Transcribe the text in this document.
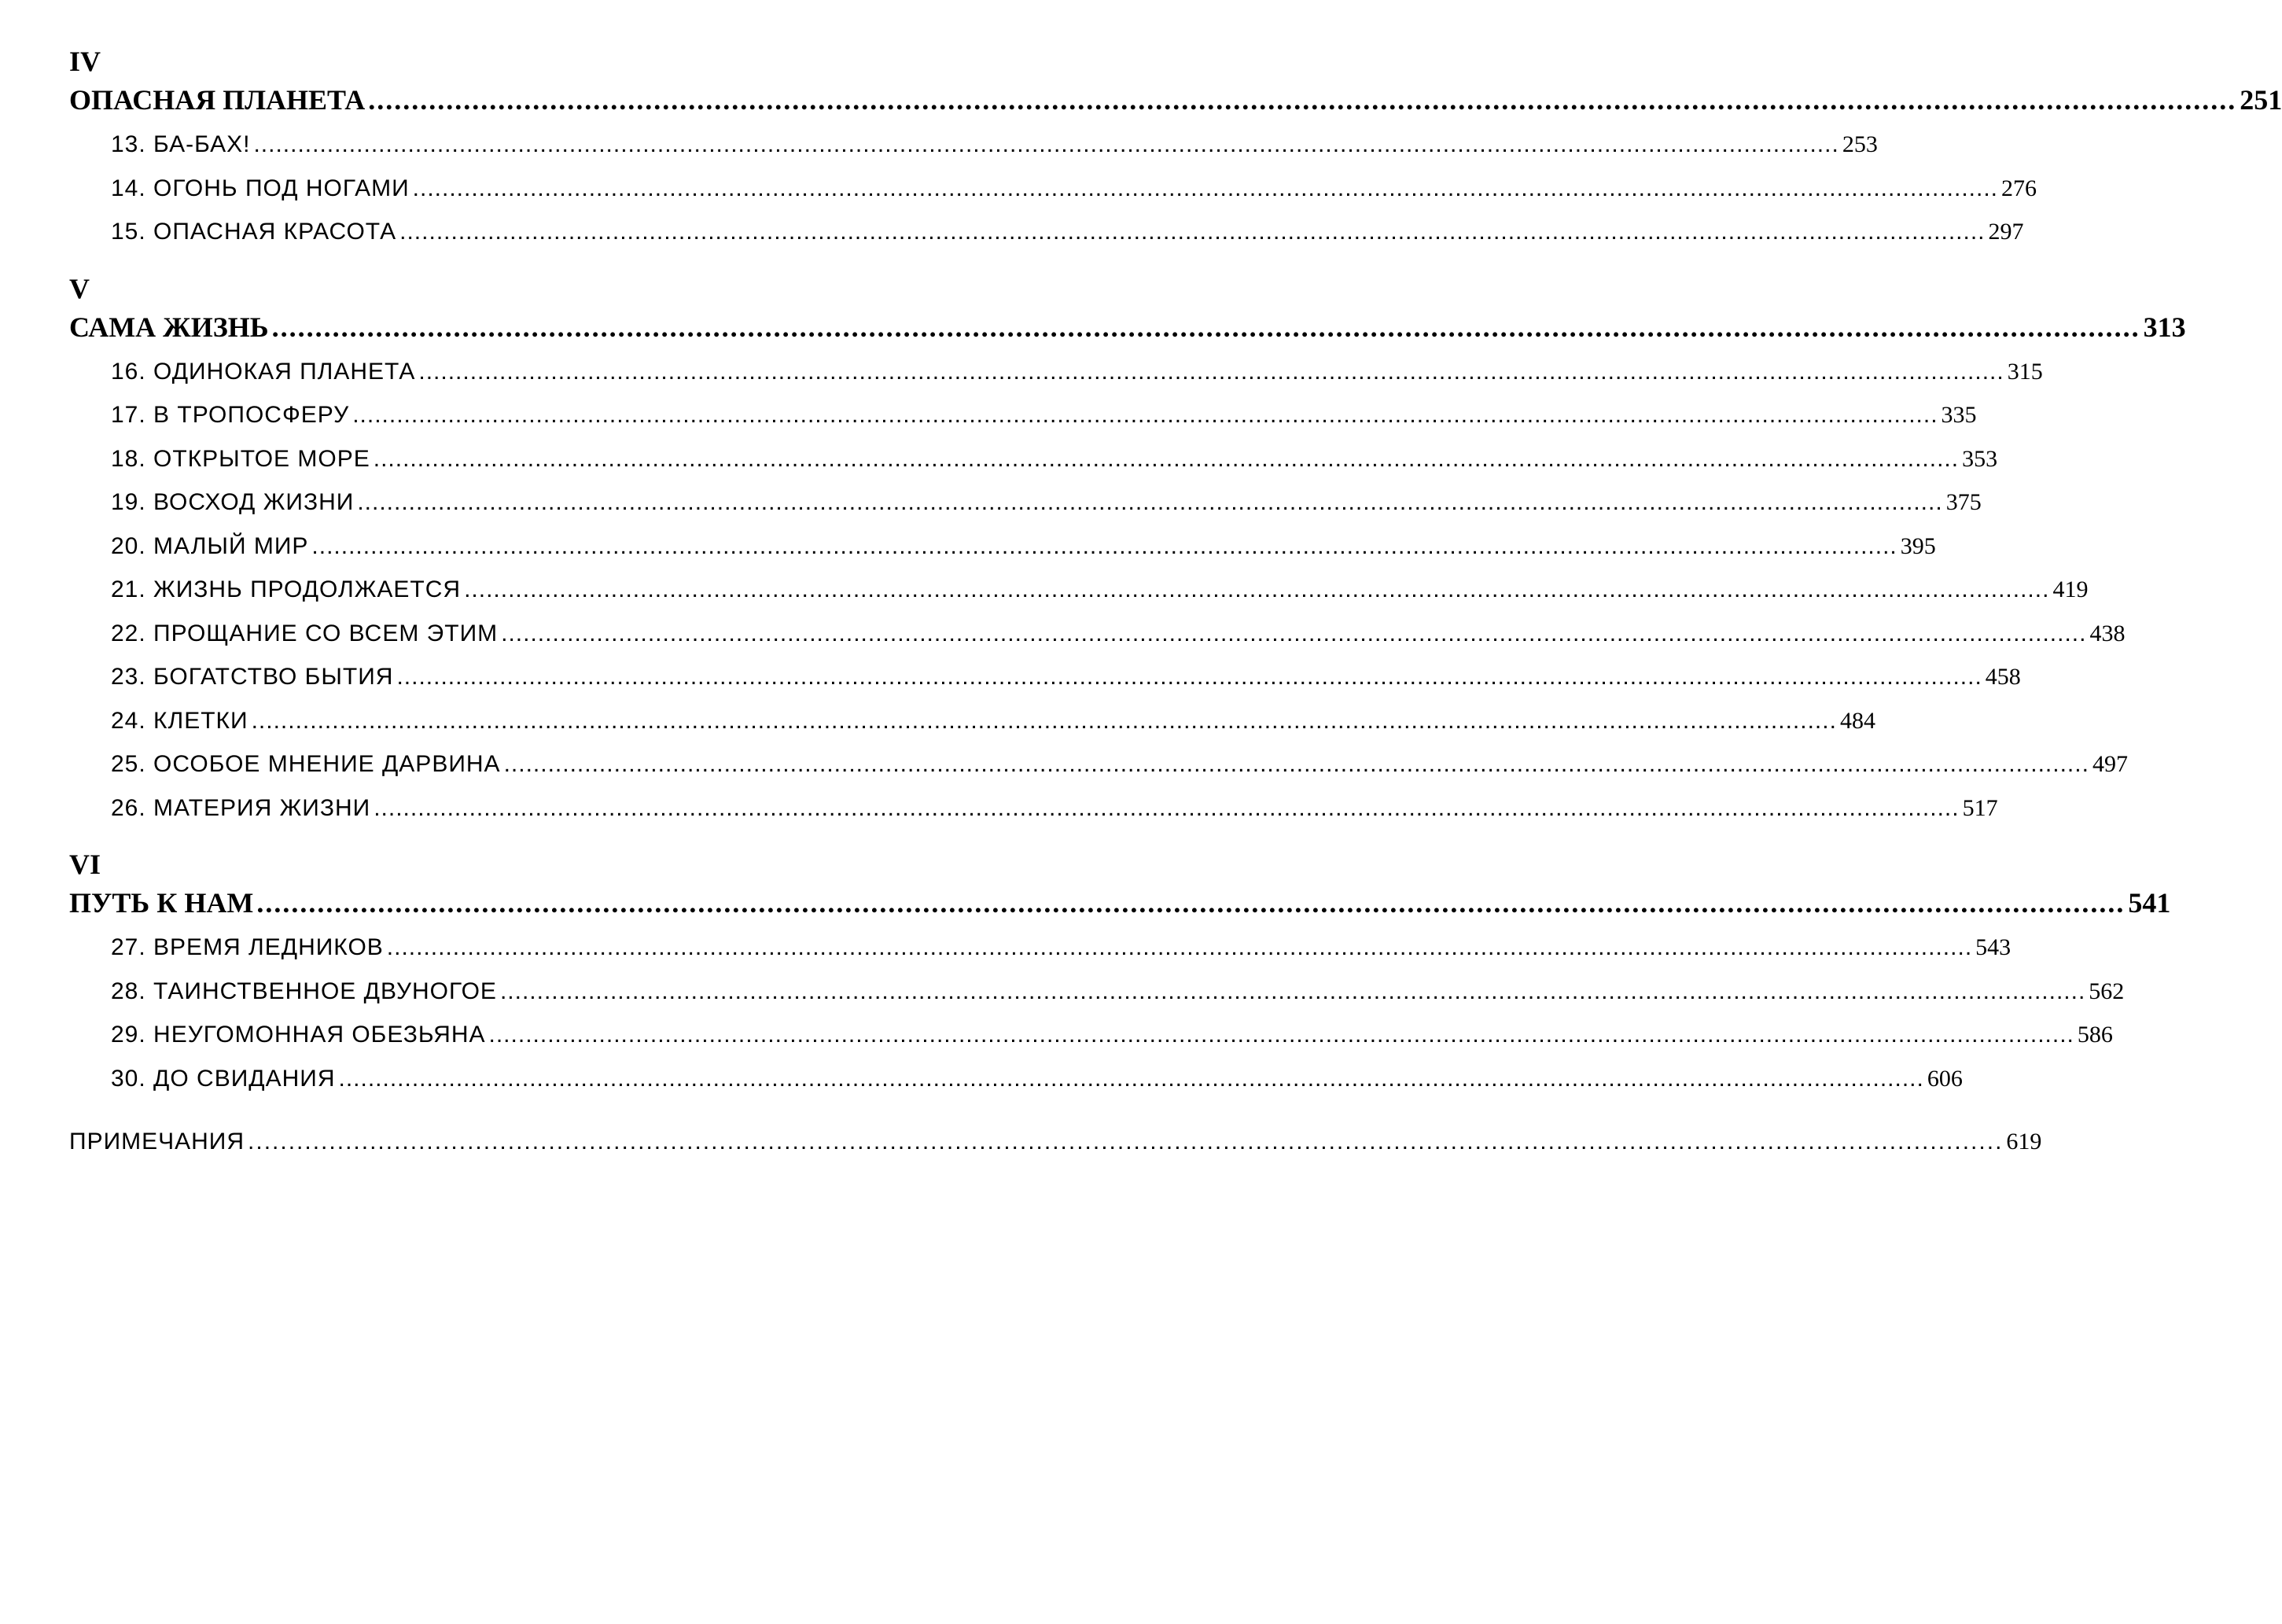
IV
ОПАСНАЯ ПЛАНЕТА ........................................................................................................................................................................................................................ 251
13. БА-БАХ! ........................................................................................................................................................................................................................ 253
14. ОГОНЬ ПОД НОГАМИ ........................................................................................................................................................................................................................ 276
15. ОПАСНАЯ КРАСОТА ........................................................................................................................................................................................................................ 297
V
САМА ЖИЗНЬ ........................................................................................................................................................................................................................ 313
16. ОДИНОКАЯ ПЛАНЕТА ........................................................................................................................................................................................................................ 315
17. В ТРОПОСФЕРУ ........................................................................................................................................................................................................................ 335
18. ОТКРЫТОЕ МОРЕ ........................................................................................................................................................................................................................ 353
19. ВОСХОД ЖИЗНИ ........................................................................................................................................................................................................................ 375
20. МАЛЫЙ МИР ........................................................................................................................................................................................................................ 395
21. ЖИЗНЬ ПРОДОЛЖАЕТСЯ ........................................................................................................................................................................................................................ 419
22. ПРОЩАНИЕ СО ВСЕМ ЭТИМ ........................................................................................................................................................................................................................ 438
23. БОГАТСТВО БЫТИЯ ........................................................................................................................................................................................................................ 458
24. КЛЕТКИ ........................................................................................................................................................................................................................ 484
25. ОСОБОЕ МНЕНИЕ ДАРВИНА ........................................................................................................................................................................................................................ 497
26. МАТЕРИЯ ЖИЗНИ ........................................................................................................................................................................................................................ 517
VI
ПУТЬ К НАМ ........................................................................................................................................................................................................................ 541
27. ВРЕМЯ ЛЕДНИКОВ ........................................................................................................................................................................................................................ 543
28. ТАИНСТВЕННОЕ ДВУНОГОЕ ........................................................................................................................................................................................................................ 562
29. НЕУГОМОННАЯ ОБЕЗЬЯНА ........................................................................................................................................................................................................................ 586
30. ДО СВИДАНИЯ ........................................................................................................................................................................................................................ 606
ПРИМЕЧАНИЯ ........................................................................................................................................................................................................................ 619
